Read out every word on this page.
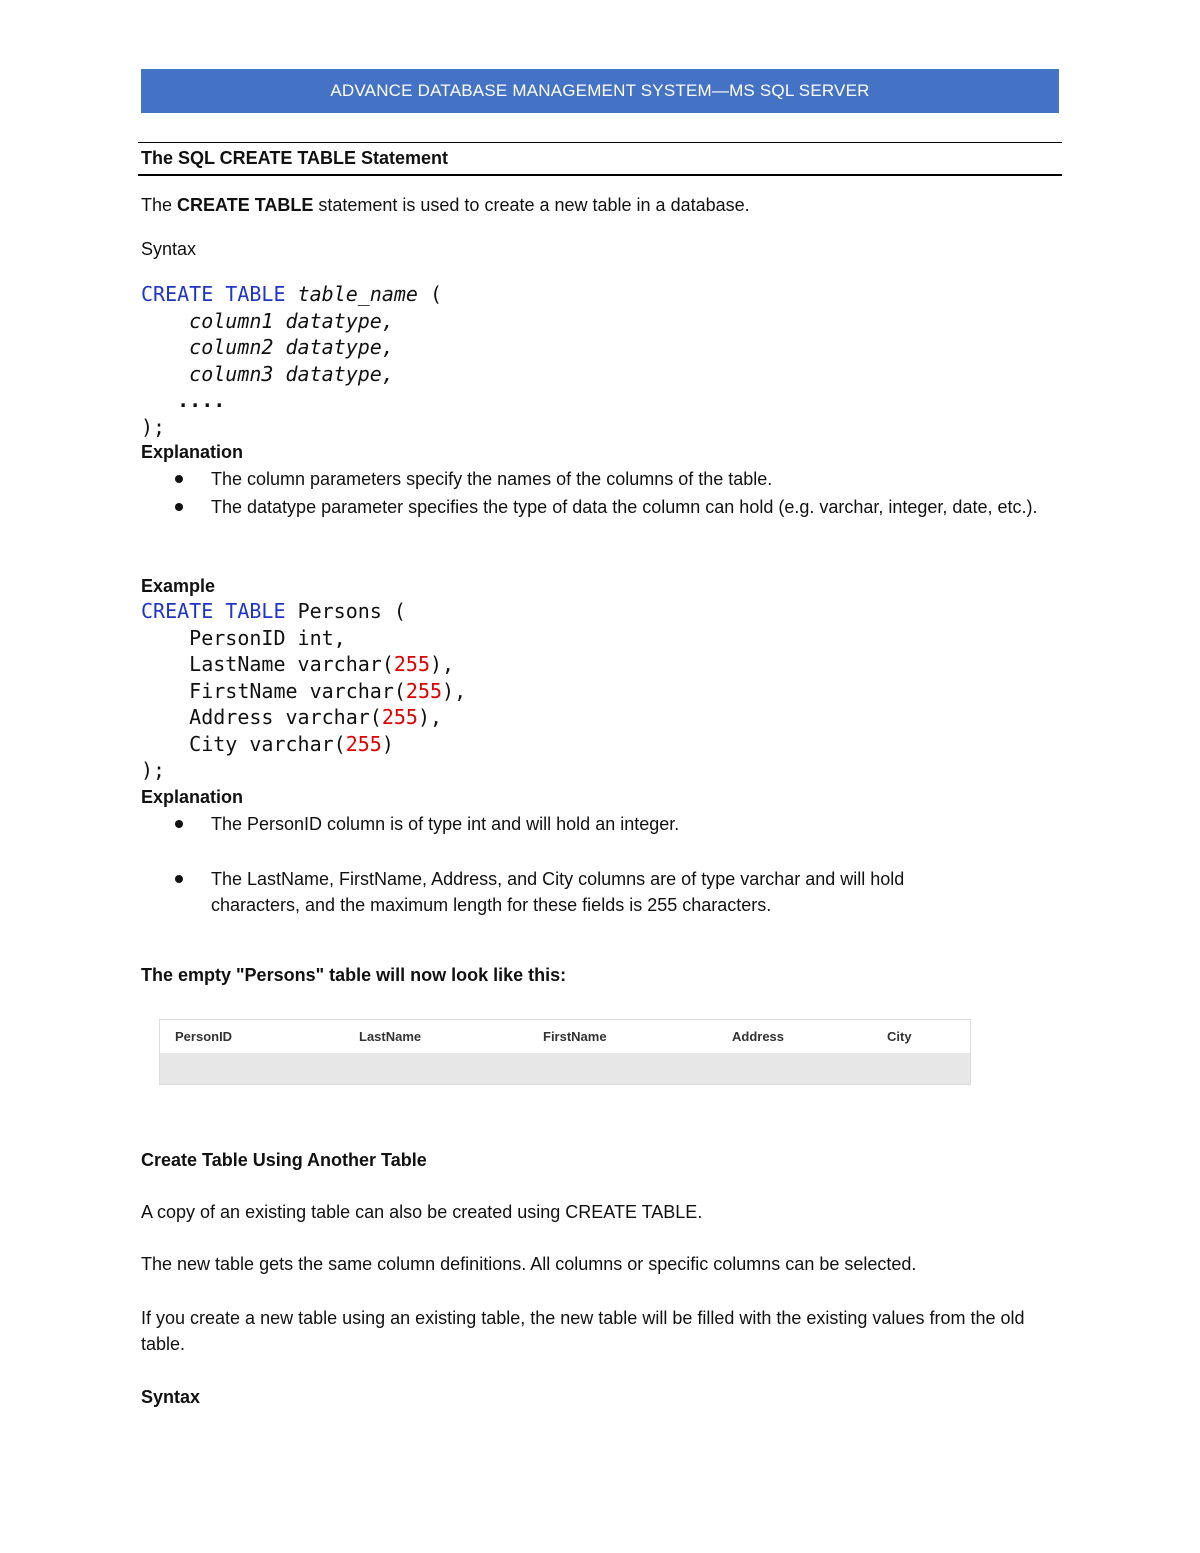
ADVANCE DATABASE MANAGEMENT SYSTEM—MS SQL SERVER
The SQL CREATE TABLE Statement
The CREATE TABLE statement is used to create a new table in a database.
Syntax
CREATE TABLE table_name (
column1 datatype,
column2 datatype,
column3 datatype,
....
);
Explanation
The column parameters specify the names of the columns of the table.
The datatype parameter specifies the type of data the column can hold (e.g. varchar, integer, date, etc.).
Example
CREATE TABLE Persons (
PersonID int,
LastName varchar(255),
FirstName varchar(255),
Address varchar(255),
City varchar(255)
);
Explanation
The PersonID column is of type int and will hold an integer.
The LastName, FirstName, Address, and City columns are of type varchar and will hold characters, and the maximum length for these fields is 255 characters.
The empty "Persons" table will now look like this:
PersonID	LastName	FirstName	Address	City
Create Table Using Another Table
A copy of an existing table can also be created using CREATE TABLE.
The new table gets the same column definitions. All columns or specific columns can be selected.
If you create a new table using an existing table, the new table will be filled with the existing values from the old table.
Syntax
